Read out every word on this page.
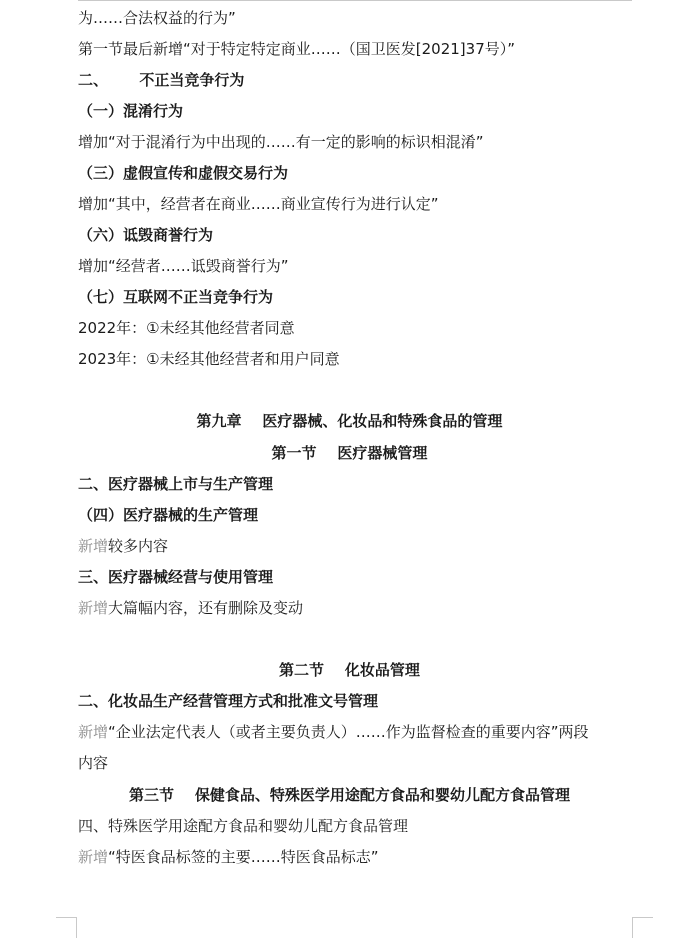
为……合法权益的行为”
第一节最后新增“对于特定特定商业……（国卫医发[2021]37号）”
二、      不正当竞争行为
（一）混淆行为
增加“对于混淆行为中出现的……有一定的影响的标识相混淆”
（三）虚假宣传和虚假交易行为
增加“其中，经营者在商业……商业宣传行为进行认定”
（六）诋毁商誉行为
增加“经营者……诋毁商誉行为”
（七）互联网不正当竞争行为
2022年：①未经其他经营者同意
2023年：①未经其他经营者和用户同意
第九章    医疗器械、化妆品和特殊食品的管理
第一节    医疗器械管理
二、医疗器械上市与生产管理
（四）医疗器械的生产管理
新增较多内容
三、医疗器械经营与使用管理
新增大篇幅内容，还有删除及变动
第二节    化妆品管理
二、化妆品生产经营管理方式和批准文号管理
新增“企业法定代表人（或者主要负责人）……作为监督检查的重要内容”两段
内容
第三节    保健食品、特殊医学用途配方食品和婴幼儿配方食品管理
四、特殊医学用途配方食品和婴幼儿配方食品管理
新增“特医食品标签的主要……特医食品标志”
